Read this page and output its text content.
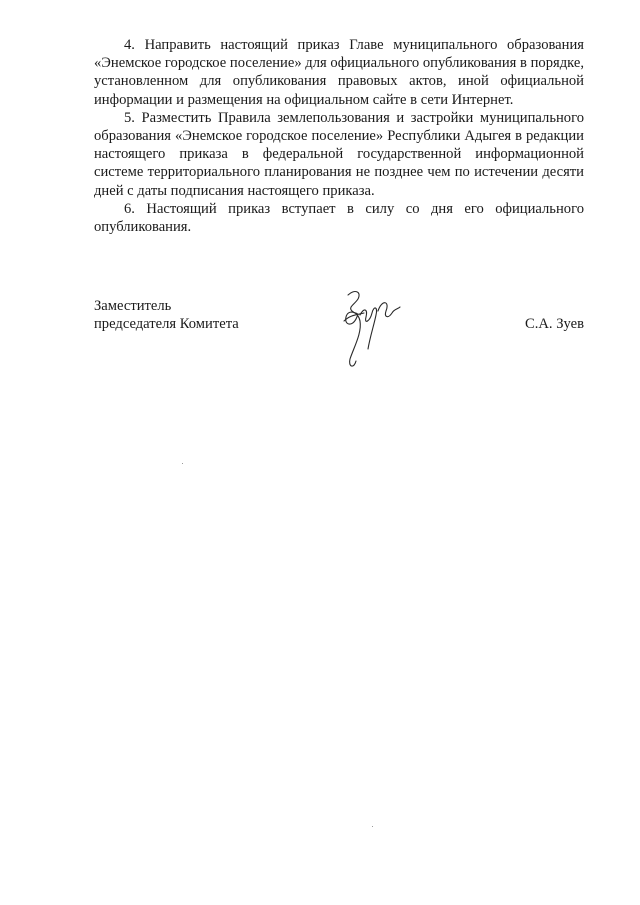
4. Направить настоящий приказ Главе муниципального образования «Энемское городское поселение» для официального опубликования в порядке, установленном для опубликования правовых актов, иной официальной информации и размещения на официальном сайте в сети Интернет.

5. Разместить Правила землепользования и застройки муниципального образования «Энемское городское поселение» Республики Адыгея в редакции настоящего приказа в федеральной государственной информационной системе территориального планирования не позднее чем по истечении десяти дней с даты подписания настоящего приказа.

6. Настоящий приказ вступает в силу со дня его официального опубликования.

Заместитель
председателя Комитета	С.А. Зуев
